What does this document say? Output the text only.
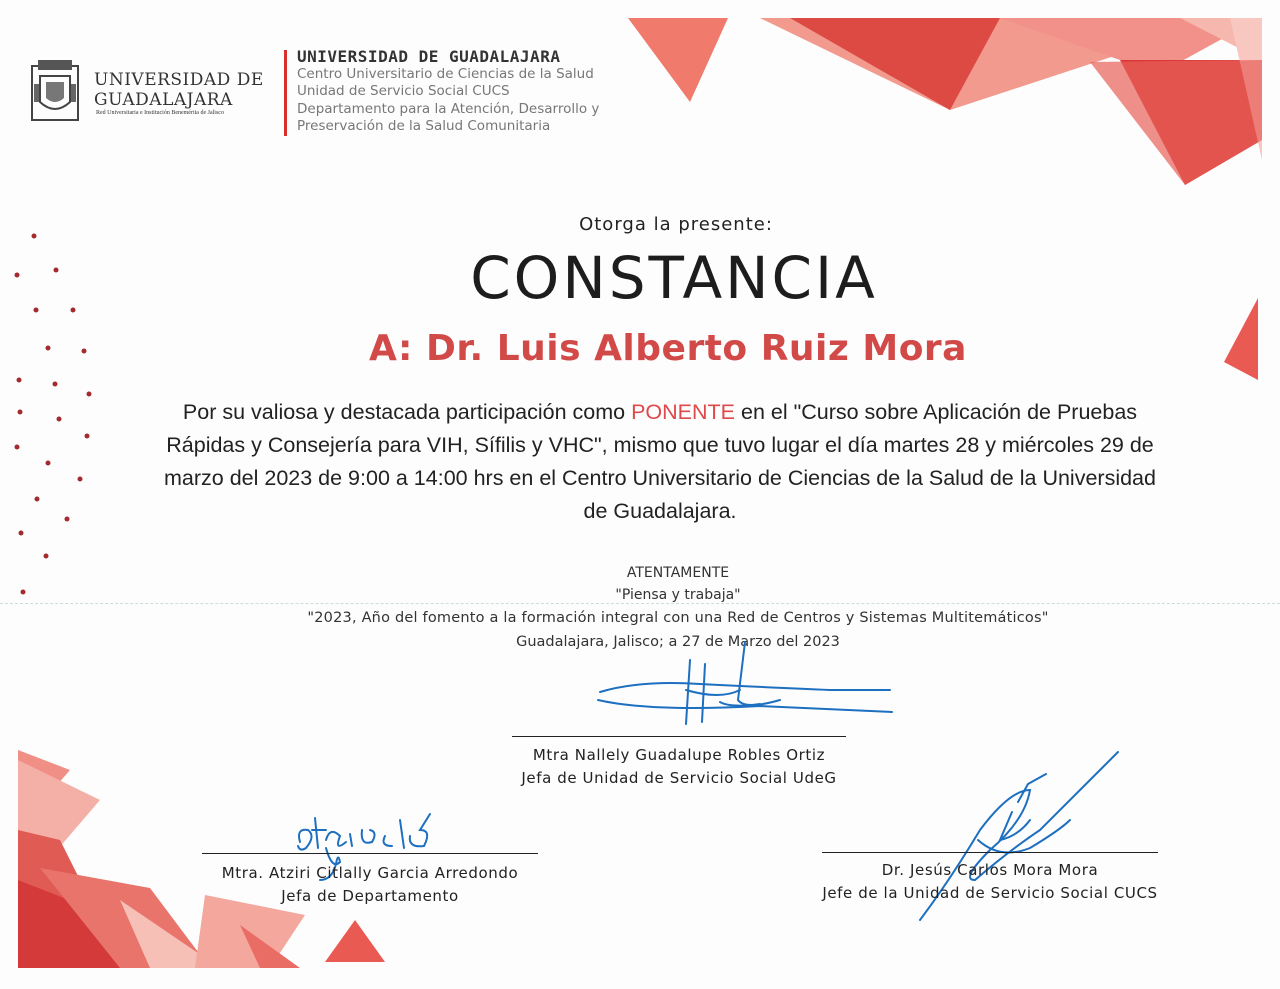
UNIVERSIDAD DE
GUADALAJARA
Red Universitaria e Institución Benemérita de Jalisco
UNIVERSIDAD DE GUADALAJARA
Centro Universitario de Ciencias de la Salud
Unidad de Servicio Social CUCS
Departamento para la Atención, Desarrollo y
Preservación de la Salud Comunitaria
Otorga la presente:
CONSTANCIA
A: Dr. Luis Alberto Ruiz Mora
Por su valiosa y destacada participación como PONENTE en el "Curso sobre Aplicación de Pruebas Rápidas y Consejería para VIH, Sífilis y VHC", mismo que tuvo lugar el día martes 28 y miércoles 29 de marzo del 2023 de 9:00 a 14:00 hrs en el Centro Universitario de Ciencias de la Salud de la Universidad de Guadalajara.
ATENTAMENTE
"Piensa y trabaja"
"2023, Año del fomento a la formación integral con una Red de Centros y Sistemas Multitemáticos"
Guadalajara, Jalisco; a 27 de Marzo del 2023
Mtra Nallely Guadalupe Robles Ortiz
Jefa de Unidad de Servicio Social UdeG
Mtra. Atziri Citlally Garcia Arredondo
Jefa de Departamento
Dr. Jesús Carlos Mora Mora
Jefe de la Unidad de Servicio Social CUCS
